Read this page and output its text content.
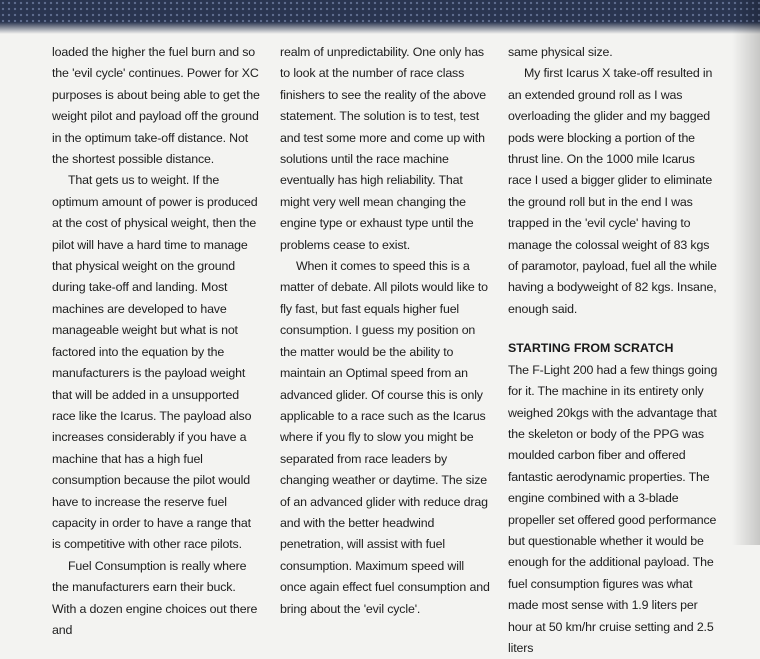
loaded the higher the fuel burn and so the 'evil cycle' continues. Power for XC purposes is about being able to get the weight pilot and payload off the ground in the optimum take-off distance. Not the shortest possible distance.

That gets us to weight. If the optimum amount of power is produced at the cost of physical weight, then the pilot will have a hard time to manage that physical weight on the ground during take-off and landing. Most machines are developed to have manageable weight but what is not factored into the equation by the manufacturers is the payload weight that will be added in a unsupported race like the Icarus. The payload also increases considerably if you have a machine that has a high fuel consumption because the pilot would have to increase the reserve fuel capacity in order to have a range that is competitive with other race pilots.

Fuel Consumption is really where the manufacturers earn their buck. With a dozen engine choices out there and

realm of unpredictability. One only has to look at the number of race class finishers to see the reality of the above statement. The solution is to test, test and test some more and come up with solutions until the race machine eventually has high reliability. That might very well mean changing the engine type or exhaust type until the problems cease to exist.

When it comes to speed this is a matter of debate. All pilots would like to fly fast, but fast equals higher fuel consumption. I guess my position on the matter would be the ability to maintain an Optimal speed from an advanced glider. Of course this is only applicable to a race such as the Icarus where if you fly to slow you might be separated from race leaders by changing weather or daytime. The size of an advanced glider with reduce drag and with the better headwind penetration, will assist with fuel consumption. Maximum speed will once again effect fuel consumption and bring about the 'evil cycle'.

same physical size.

My first Icarus X take-off resulted in an extended ground roll as I was overloading the glider and my bagged pods were blocking a portion of the thrust line. On the 1000 mile Icarus race I used a bigger glider to eliminate the ground roll but in the end I was trapped in the 'evil cycle' having to manage the colossal weight of 83 kgs of paramotor, payload, fuel all the while having a bodyweight of 82 kgs. Insane, enough said.

STARTING FROM SCRATCH

The F-Light 200 had a few things going for it. The machine in its entirety only weighed 20kgs with the advantage that the skeleton or body of the PPG was moulded carbon fiber and offered fantastic aerodynamic properties. The engine combined with a 3-blade propeller set offered good performance but questionable whether it would be enough for the additional payload. The fuel consumption figures was what made most sense with 1.9 liters per hour at 50 km/hr cruise setting and 2.5 liters
